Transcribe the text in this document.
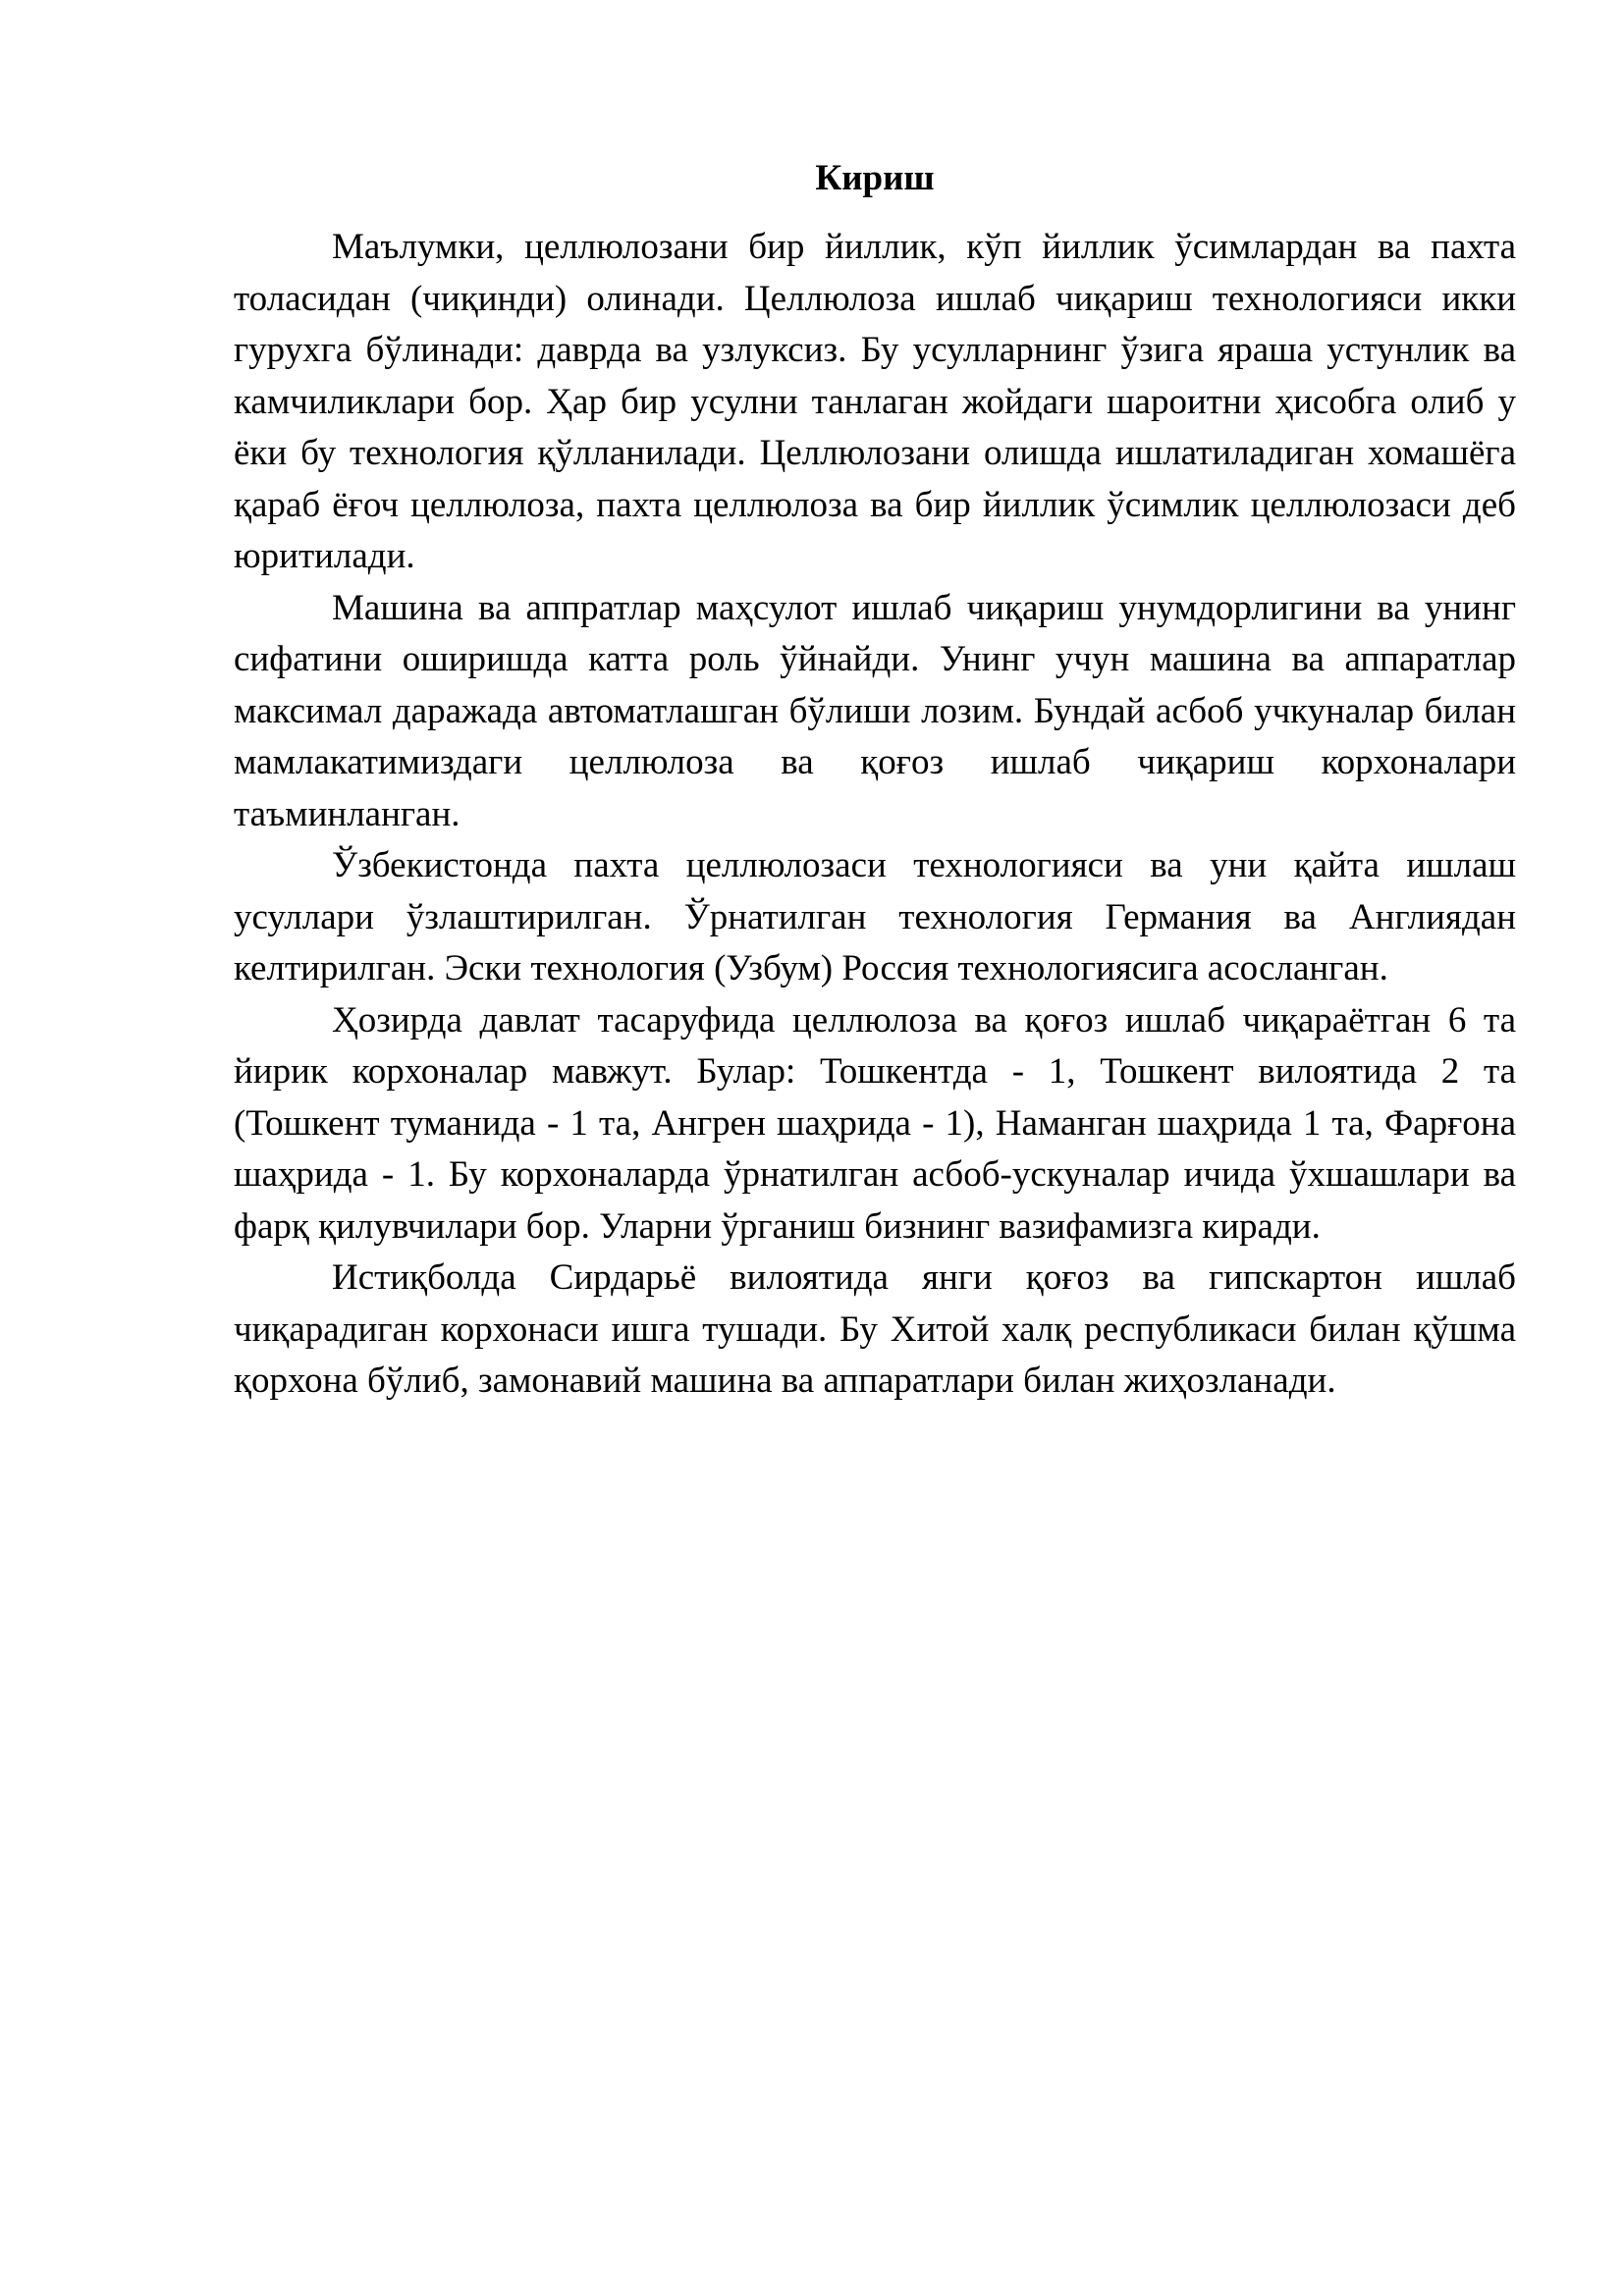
Кириш

Маълумки, целлюлозани бир йиллик, кўп йиллик ўсимлардан ва пахта толасидан (чиқинди) олинади. Целлюлоза ишлаб чиқариш технологияси икки гурухга бўлинади: даврда ва узлуксиз. Бу усулларнинг ўзига яраша устунлик ва камчиликлари бор. Ҳар бир усулни танлаган жойдаги шароитни ҳисобга олиб у ёки бу технология қўлланилади. Целлюлозани олишда ишлатиладиган хомашёга қараб ёғоч целлюлоза, пахта целлюлоза ва бир йиллик ўсимлик целлюлозаси деб юритилади.

Машина ва аппратлар маҳсулот ишлаб чиқариш унумдорлигини ва унинг сифатини оширишда катта роль ўйнайди. Унинг учун машина ва аппаратлар максимал даражада автоматлашган бўлиши лозим. Бундай асбоб учкуналар билан мамлакатимиздаги целлюлоза ва қоғоз ишлаб чиқариш корхоналари таъминланган.

Ўзбекистонда пахта целлюлозаси технологияси ва уни қайта ишлаш усуллари ўзлаштирилган. Ўрнатилган технология Германия ва Англиядан келтирилган. Эски технология (Узбум) Россия технологиясига асосланган.

Ҳозирда давлат тасаруфида целлюлоза ва қоғоз ишлаб чиқараётган 6 та йирик корхоналар мавжут. Булар: Тошкентда - 1, Тошкент вилоятида 2 та (Тошкент туманида - 1 та, Ангрен шаҳрида - 1), Наманган шаҳрида 1 та, Фарғона шаҳрида - 1. Бу корхоналарда ўрнатилган асбоб-ускуналар ичида ўхшашлари ва фарқ қилувчилари бор. Уларни ўрганиш бизнинг вазифамизга киради.

Истиқболда Сирдарьё вилоятида янги қоғоз ва гипскартон ишлаб чиқарадиган корхонаси ишга тушади. Бу Хитой халқ республикаси билан қўшма қорхона бўлиб, замонавий машина ва аппаратлари билан жиҳозланади.
